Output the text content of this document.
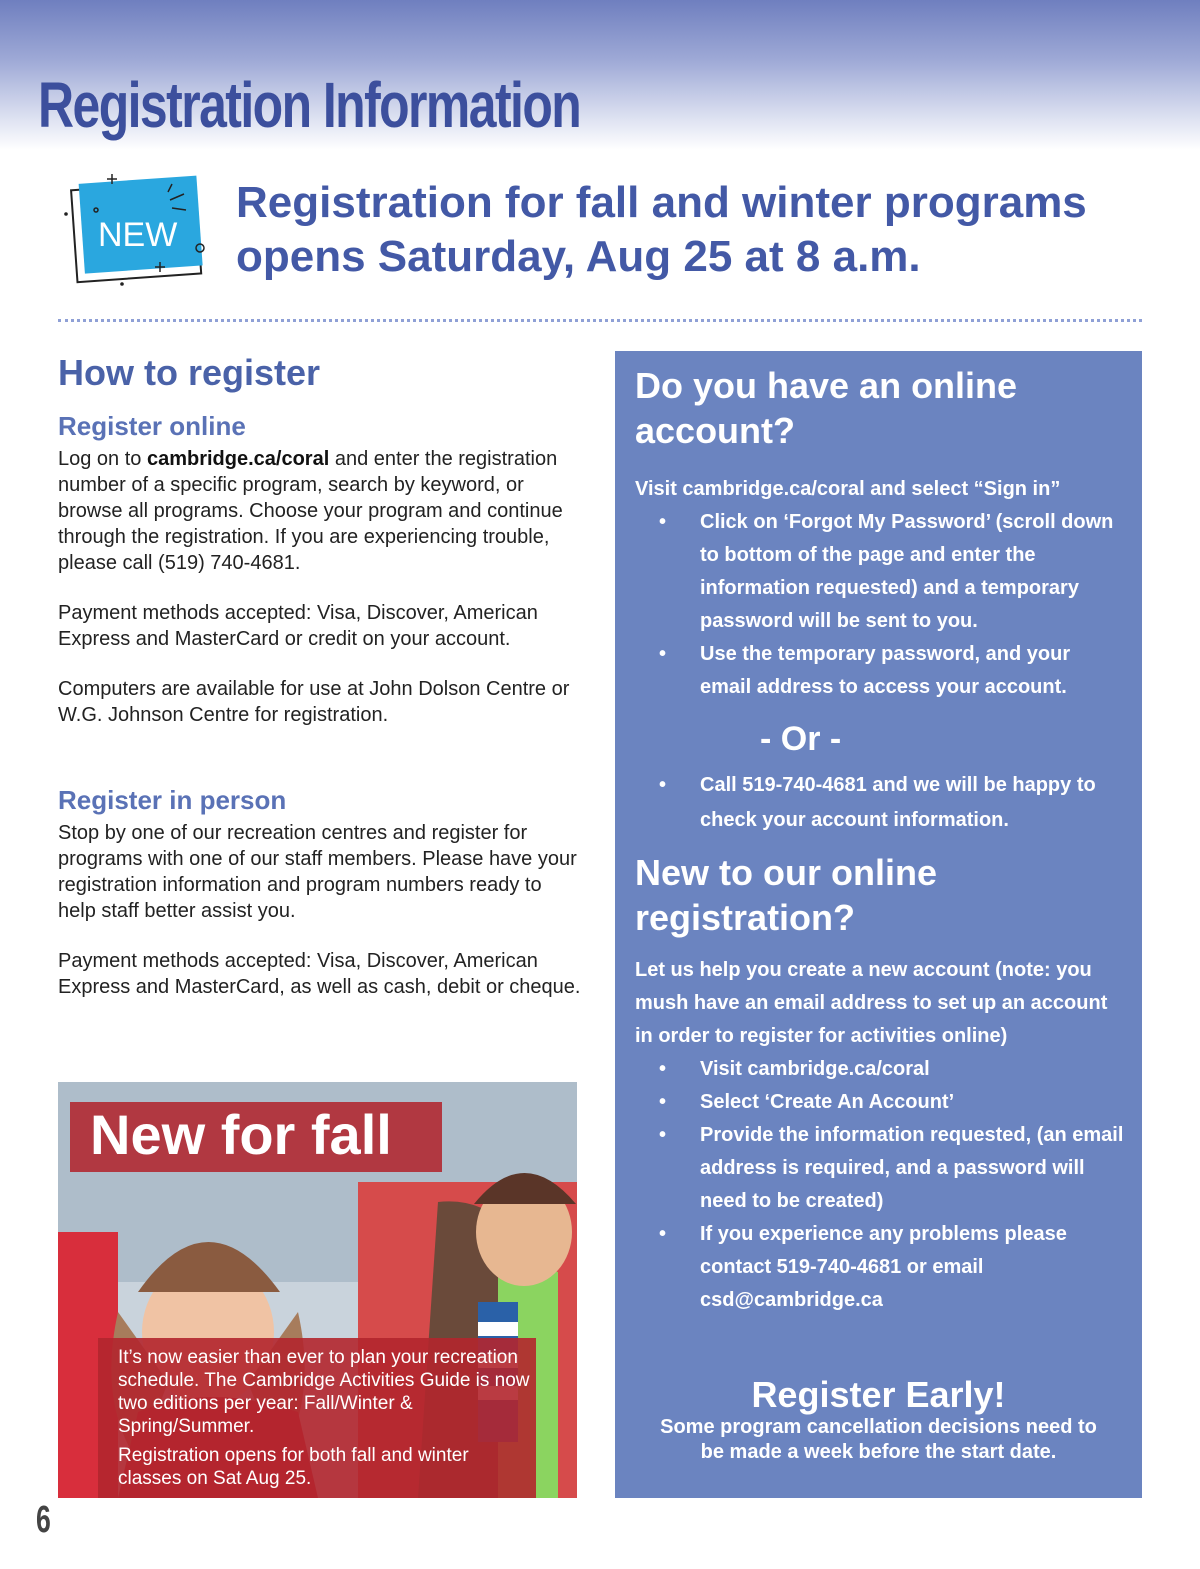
Registration Information
NEW
Registration for fall and winter programs
opens Saturday, Aug 25 at 8 a.m.
How to register
Register online

Log on to cambridge.ca/coral and enter the registration number of a specific program, search by keyword, or browse all programs. Choose your program and continue through the registration. If you are experiencing trouble, please call (519) 740-4681.

Payment methods accepted: Visa, Discover, American Express and MasterCard or credit on your account.

Computers are available for use at John Dolson Centre or W.G. Johnson Centre for registration.

Register in person

Stop by one of our recreation centres and register for programs with one of our staff members. Please have your registration information and program numbers ready to help staff better assist you.

Payment methods accepted: Visa, Discover, American Express and MasterCard, as well as cash, debit or cheque.

New for fall

It’s now easier than ever to plan your recreation schedule. The Cambridge Activities Guide is now two editions per year: Fall/Winter & Spring/Summer.

Registration opens for both fall and winter classes on Sat Aug 25.

Do you have an online account?

Visit cambridge.ca/coral and select “Sign in”

• Click on ‘Forgot My Password’ (scroll down to bottom of the page and enter the information requested) and a temporary password will be sent to you.
• Use the temporary password, and your email address to access your account.

- Or -

• Call 519-740-4681 and we will be happy to check your account information.
New to our online registration?

Let us help you create a new account (note: you mush have an email address to set up an account in order to register for activities online)

• Visit cambridge.ca/coral
• Select ‘Create An Account’
• Provide the information requested, (an email address is required, and a password will need to be created)
• If you experience any problems please contact 519-740-4681 or email csd@cambridge.ca
Register Early!

Some program cancellation decisions need to be made a week before the start date.

6
